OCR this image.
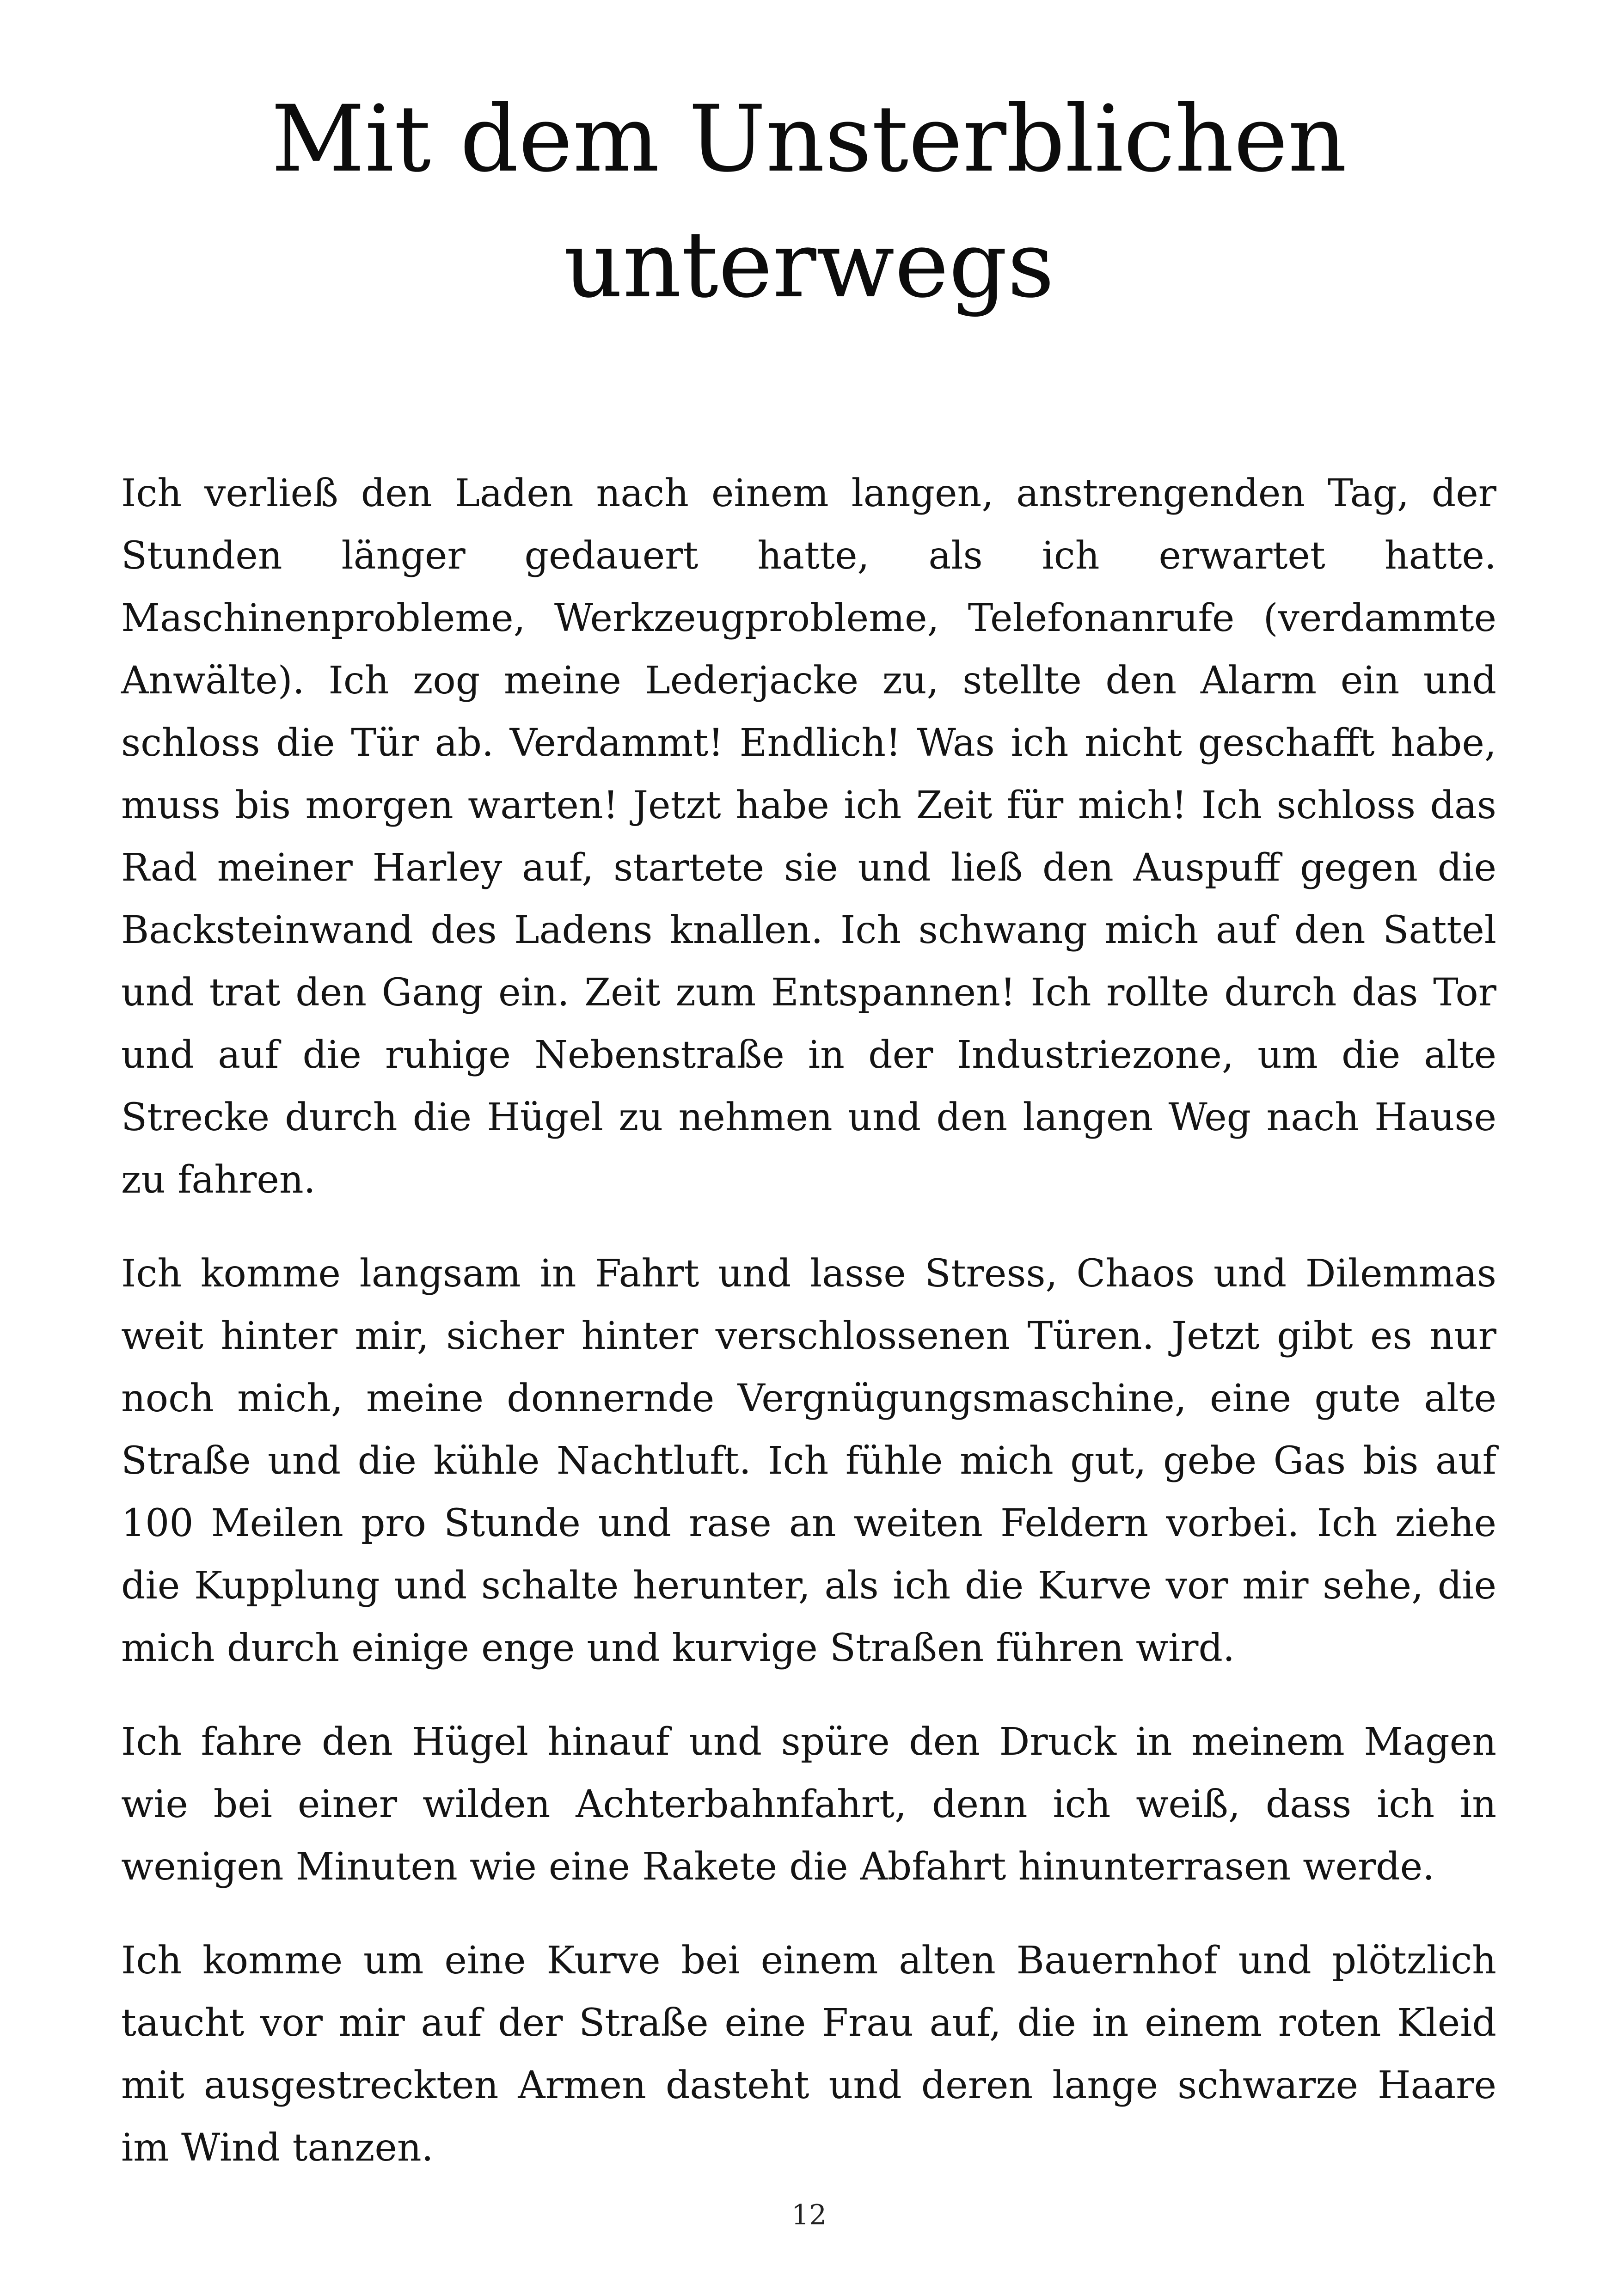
Mit dem Unsterblichen
unterwegs

Ich verließ den Laden nach einem langen, anstrengenden Tag, der Stunden länger gedauert hatte, als ich erwartet hatte. Maschinenprobleme, Werkzeugprobleme, Telefonanrufe (verdammte Anwälte). Ich zog meine Lederjacke zu, stellte den Alarm ein und schloss die Tür ab. Verdammt! Endlich! Was ich nicht geschafft habe, muss bis morgen warten! Jetzt habe ich Zeit für mich! Ich schloss das Rad meiner Harley auf, startete sie und ließ den Auspuff gegen die Backsteinwand des Ladens knallen. Ich schwang mich auf den Sattel und trat den Gang ein. Zeit zum Entspannen! Ich rollte durch das Tor und auf die ruhige Nebenstraße in der Industriezone, um die alte Strecke durch die Hügel zu nehmen und den langen Weg nach Hause zu fahren.

Ich komme langsam in Fahrt und lasse Stress, Chaos und Dilemmas weit hinter mir, sicher hinter verschlossenen Türen. Jetzt gibt es nur noch mich, meine donnernde Vergnügungsmaschine, eine gute alte Straße und die kühle Nachtluft. Ich fühle mich gut, gebe Gas bis auf 100 Meilen pro Stunde und rase an weiten Feldern vorbei. Ich ziehe die Kupplung und schalte herunter, als ich die Kurve vor mir sehe, die mich durch einige enge und kurvige Straßen führen wird.

Ich fahre den Hügel hinauf und spüre den Druck in meinem Magen wie bei einer wilden Achterbahnfahrt, denn ich weiß, dass ich in wenigen Minuten wie eine Rakete die Abfahrt hinunterrasen werde.

Ich komme um eine Kurve bei einem alten Bauernhof und plötzlich taucht vor mir auf der Straße eine Frau auf, die in einem roten Kleid mit ausgestreckten Armen dasteht und deren lange schwarze Haare im Wind tanzen.

12
